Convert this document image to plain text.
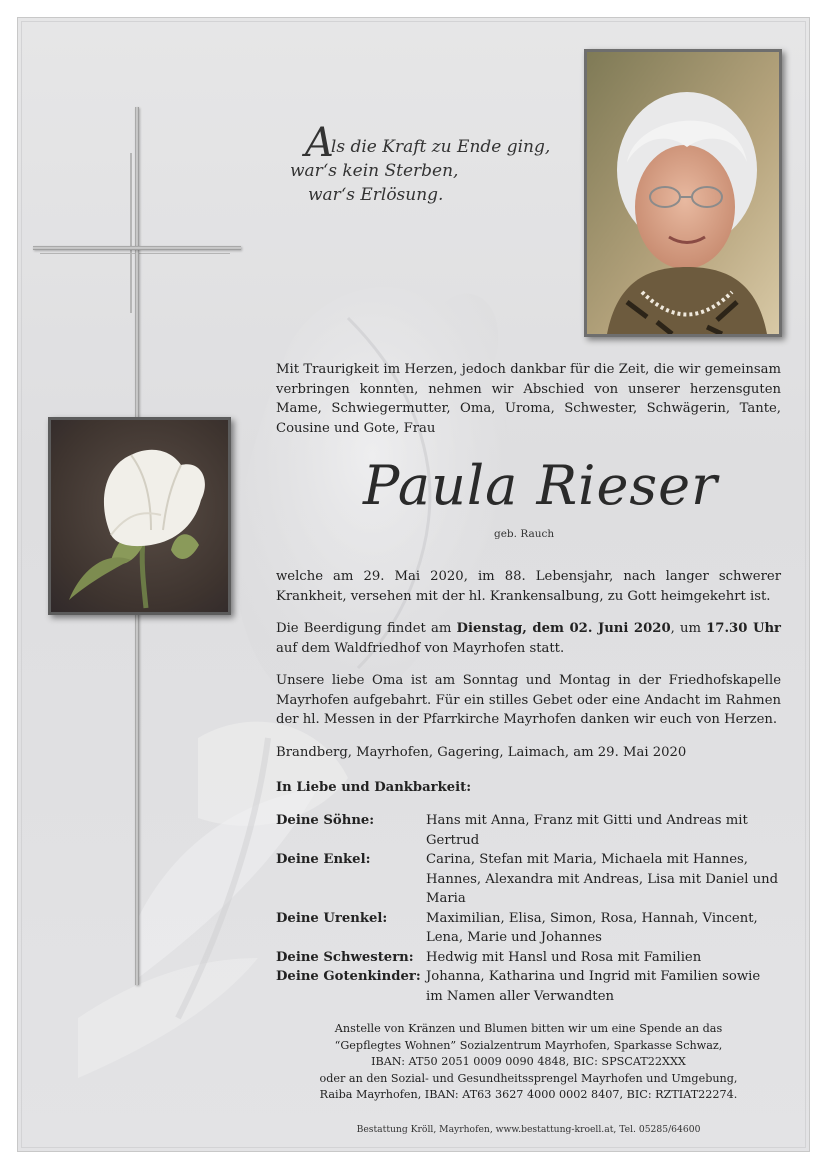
Als die Kraft zu Ende ging,
war‘s kein Sterben,
war‘s Erlösung.
Mit Traurigkeit im Herzen, jedoch dankbar für die Zeit, die wir gemeinsam verbringen konnten, nehmen wir Abschied von unserer herzensguten Mame, Schwiegermutter, Oma, Uroma, Schwester, Schwägerin, Tante, Cousine und Gote, Frau
Paula Rieser
geb. Rauch
welche am 29. Mai 2020, im 88. Lebensjahr, nach langer schwerer Krankheit, versehen mit der hl. Krankensalbung, zu Gott heimgekehrt ist.
Die Beerdigung findet am Dienstag, dem 02. Juni 2020, um 17.30 Uhr auf dem Waldfriedhof von Mayrhofen statt.
Unsere liebe Oma ist am Sonntag und Montag in der Friedhofskapelle Mayrhofen aufgebahrt. Für ein stilles Gebet oder eine Andacht im Rahmen der hl. Messen in der Pfarrkirche Mayrhofen danken wir euch von Herzen.
Brandberg, Mayrhofen, Gagering, Laimach, am 29. Mai 2020
In Liebe und Dankbarkeit:
Deine Söhne:	Hans mit Anna, Franz mit Gitti und Andreas mit Gertrud
Deine Enkel:	Carina, Stefan mit Maria, Michaela mit Hannes, Hannes, Alexandra mit Andreas, Lisa mit Daniel und Maria
Deine Urenkel:	Maximilian, Elisa, Simon, Rosa, Hannah, Vincent, Lena, Marie und Johannes
Deine Schwestern: Hedwig mit Hansl und Rosa mit Familien
Deine Gotenkinder: Johanna, Katharina und Ingrid mit Familien sowie im Namen aller Verwandten
Anstelle von Kränzen und Blumen bitten wir um eine Spende an das
“Gepflegtes Wohnen” Sozialzentrum Mayrhofen, Sparkasse Schwaz,
IBAN: AT50 2051 0009 0090 4848, BIC: SPSCAT22XXX
oder an den Sozial- und Gesundheitssprengel Mayrhofen und Umgebung,
Raiba Mayrhofen, IBAN: AT63 3627 4000 0002 8407, BIC: RZTIAT22274.
Bestattung Kröll, Mayrhofen, www.bestattung-kroell.at, Tel. 05285/64600
